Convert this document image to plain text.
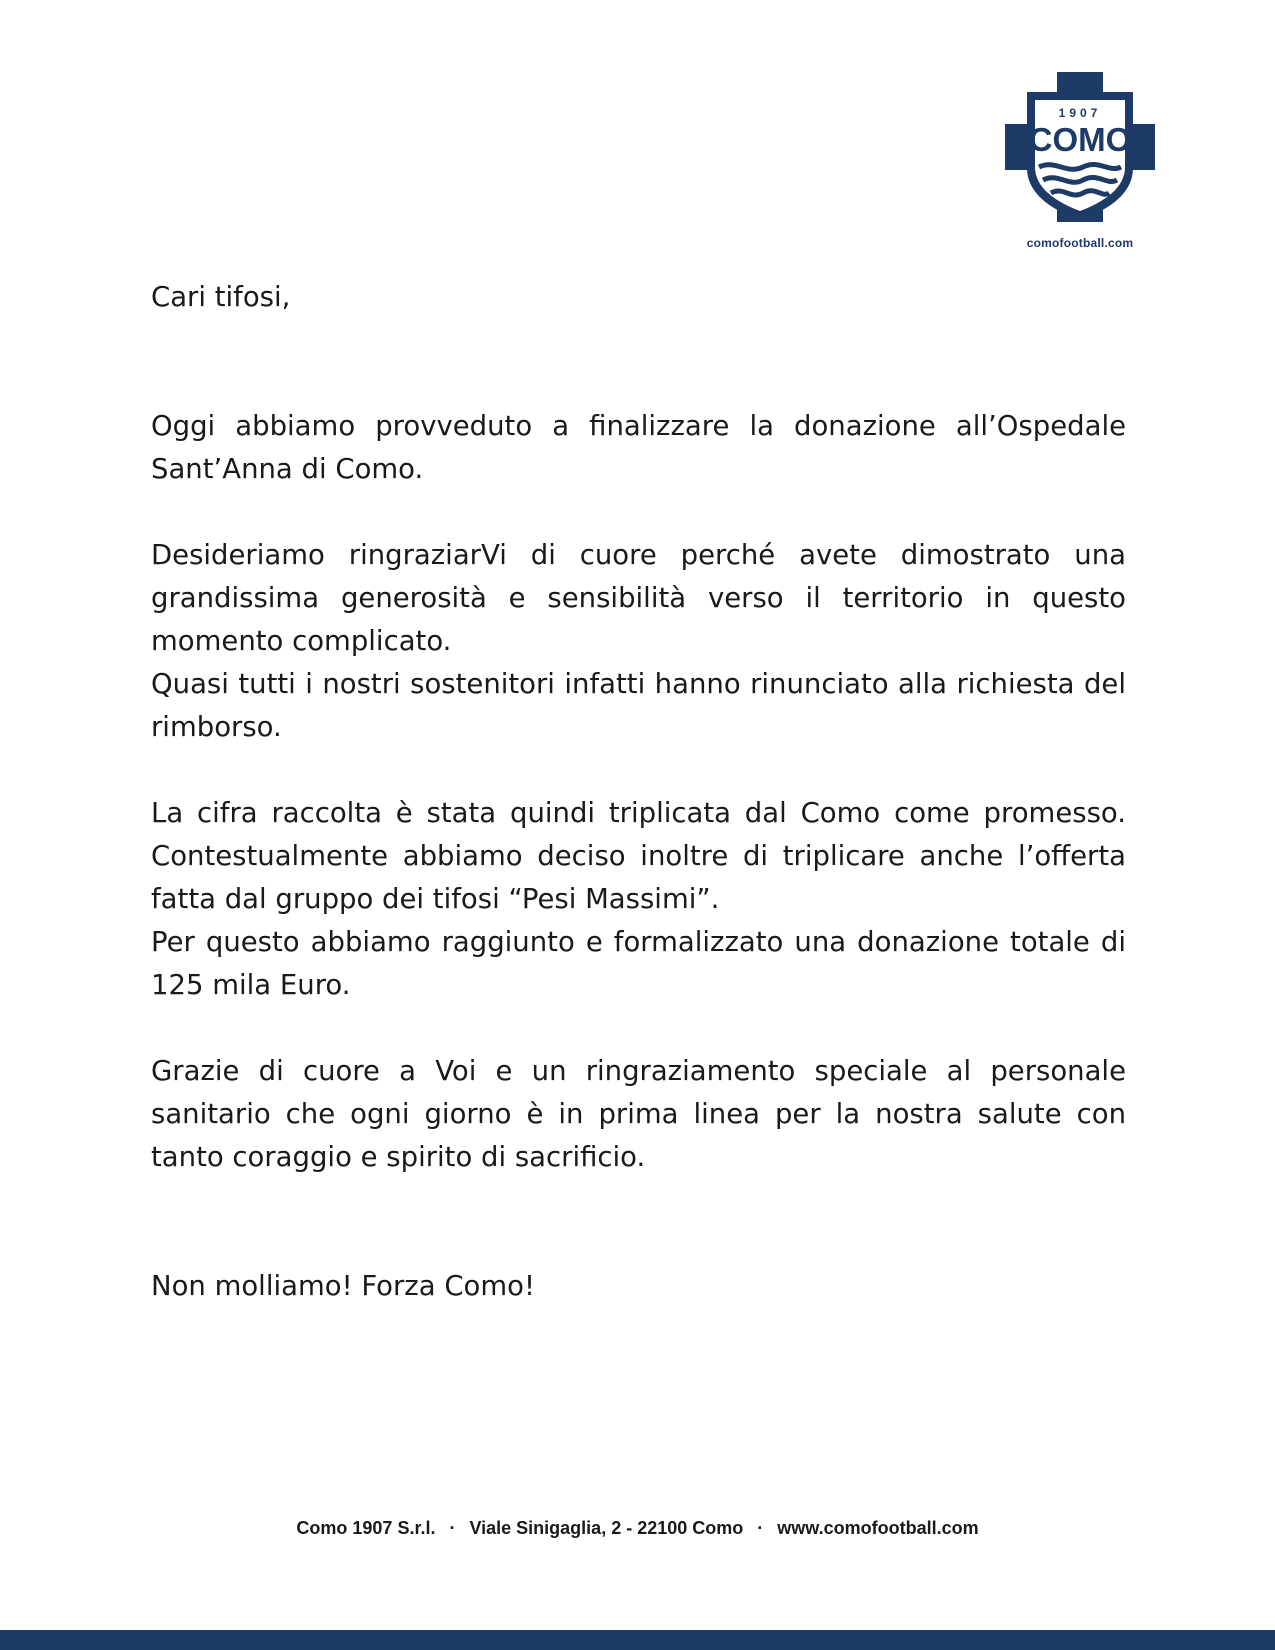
1907
COMO
comofootball.com

Cari tifosi,

Oggi abbiamo provveduto a finalizzare la donazione all’Ospedale Sant’Anna di Como.

Desideriamo ringraziarVi di cuore perché avete dimostrato una grandissima generosità e sensibilità verso il territorio in questo momento complicato.

Quasi tutti i nostri sostenitori infatti hanno rinunciato alla richiesta del rimborso.

La cifra raccolta è stata quindi triplicata dal Como come promesso. Contestualmente abbiamo deciso inoltre di triplicare anche l’offerta fatta dal gruppo dei tifosi “Pesi Massimi”.

Per questo abbiamo raggiunto e formalizzato una donazione totale di 125 mila Euro.

Grazie di cuore a Voi e un ringraziamento speciale al personale sanitario che ogni giorno è in prima linea per la nostra salute con tanto coraggio e spirito di sacrificio.

Non molliamo! Forza Como!

Como 1907 S.r.l. · Viale Sinigaglia, 2 - 22100 Como · www.comofootball.com
